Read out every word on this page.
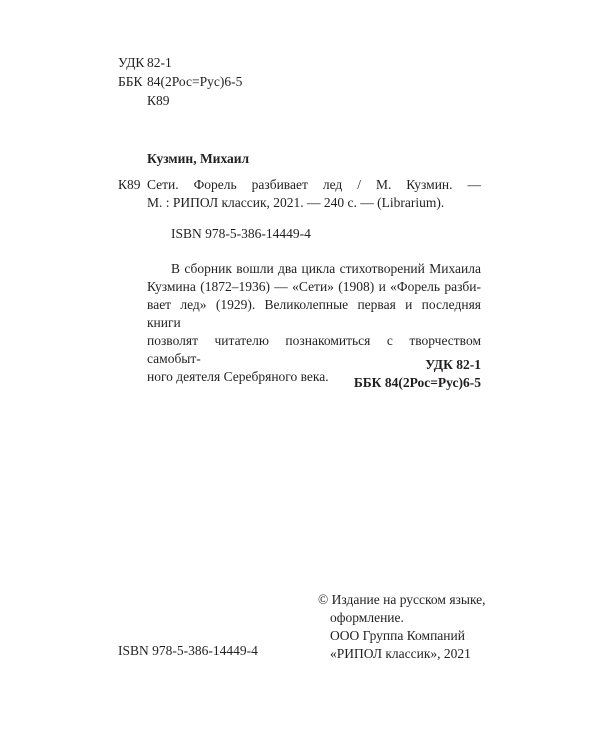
УДК 82-1
ББК 84(2Рос=Рус)6-5
К89
Кузмин, Михаил
К89 Сети. Форель разбивает лед / М. Кузмин. —
М. : РИПОЛ классик, 2021. — 240 с. — (Librarium).
ISBN 978-5-386-14449-4
В сборник вошли два цикла стихотворений Михаила
Кузмина (1872–1936) — «Сети» (1908) и «Форель разби-
вает лед» (1929). Великолепные первая и последняя книги
позволят читателю познакомиться с творчеством самобыт-
ного деятеля Серебряного века.
УДК 82-1
ББК 84(2Рос=Рус)6-5
© Издание на русском языке,
оформление.
ООО Группа Компаний
«РИПОЛ классик», 2021
ISBN 978-5-386-14449-4
